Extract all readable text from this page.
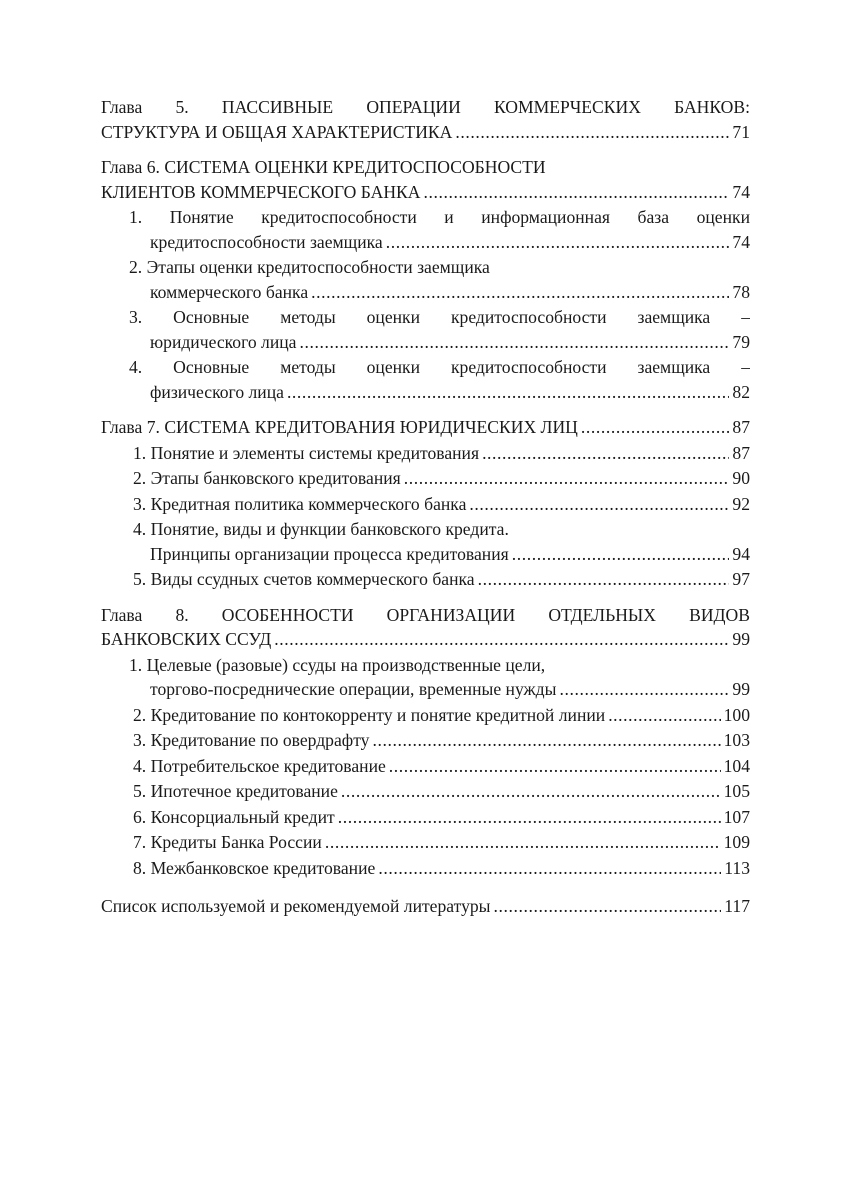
Глава 5. ПАССИВНЫЕ ОПЕРАЦИИ КОММЕРЧЕСКИХ БАНКОВ:
СТРУКТУРА И ОБЩАЯ ХАРАКТЕРИСТИКА .....	71
Глава 6. СИСТЕМА ОЦЕНКИ КРЕДИТОСПОСОБНОСТИ
КЛИЕНТОВ КОММЕРЧЕСКОГО БАНКА .....	74
1. Понятие кредитоспособности и информационная база оценки
кредитоспособности заемщика .....	74
2. Этапы оценки кредитоспособности заемщика
коммерческого банка .....	78
3. Основные методы оценки кредитоспособности заемщика –
юридического лица .....	79
4. Основные методы оценки кредитоспособности заемщика –
физического лица .....	82
Глава 7. СИСТЕМА КРЕДИТОВАНИЯ ЮРИДИЧЕСКИХ ЛИЦ .....	87
1. Понятие и элементы системы кредитования .....	87
2. Этапы банковского кредитования .....	90
3. Кредитная политика коммерческого банка .....	92
4. Понятие, виды и функции банковского кредита.
Принципы организации процесса кредитования .....	94
5. Виды ссудных счетов коммерческого банка .....	97
Глава 8. ОСОБЕННОСТИ ОРГАНИЗАЦИИ ОТДЕЛЬНЫХ ВИДОВ
БАНКОВСКИХ ССУД .....	99
1. Целевые (разовые) ссуды на производственные цели,
торгово-посреднические операции, временные нужды .....	99
2. Кредитование по контокорренту и понятие кредитной линии .....	100
3. Кредитование по овердрафту .....	103
4. Потребительское кредитование .....	104
5. Ипотечное кредитование .....	105
6. Консорциальный кредит .....	107
7. Кредиты Банка России .....	109
8. Межбанковское кредитование .....	113
Список используемой и рекомендуемой литературы .....	117
